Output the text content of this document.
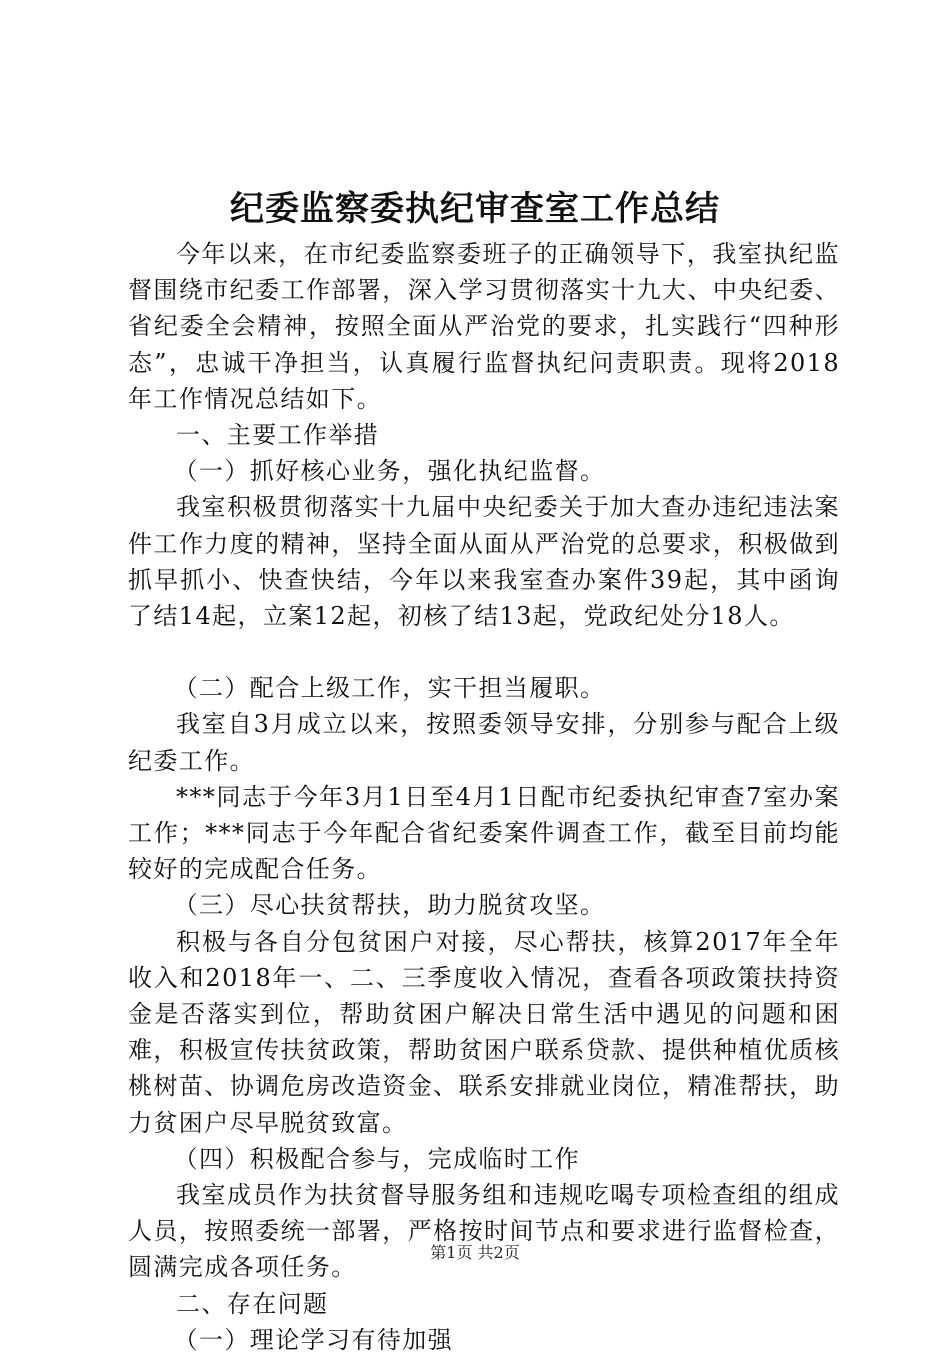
纪委监察委执纪审查室工作总结

今年以来，在市纪委监察委班子的正确领导下，我室执纪监督围绕市纪委工作部署，深入学习贯彻落实十九大、中央纪委、省纪委全会精神，按照全面从严治党的要求，扎实践行“四种形态”，忠诚干净担当，认真履行监督执纪问责职责。现将2018年工作情况总结如下。

一、主要工作举措

（一）抓好核心业务，强化执纪监督。

我室积极贯彻落实十九届中央纪委关于加大查办违纪违法案件工作力度的精神，坚持全面从面从严治党的总要求，积极做到抓早抓小、快查快结，今年以来我室查办案件39起，其中函询了结14起，立案12起，初核了结13起，党政纪处分18人。

（二）配合上级工作，实干担当履职。

我室自3月成立以来，按照委领导安排，分别参与配合上级纪委工作。

***同志于今年3月1日至4月1日配市纪委执纪审查7室办案工作；***同志于今年配合省纪委案件调查工作，截至目前均能较好的完成配合任务。

（三）尽心扶贫帮扶，助力脱贫攻坚。

积极与各自分包贫困户对接，尽心帮扶，核算2017年全年收入和2018年一、二、三季度收入情况，查看各项政策扶持资金是否落实到位，帮助贫困户解决日常生活中遇见的问题和困难，积极宣传扶贫政策，帮助贫困户联系贷款、提供种植优质核桃树苗、协调危房改造资金、联系安排就业岗位，精准帮扶，助力贫困户尽早脱贫致富。

（四）积极配合参与，完成临时工作

我室成员作为扶贫督导服务组和违规吃喝专项检查组的组成人员，按照委统一部署，严格按时间节点和要求进行监督检查，圆满完成各项任务。

二、存在问题

（一）理论学习有待加强

第1页 共2页
